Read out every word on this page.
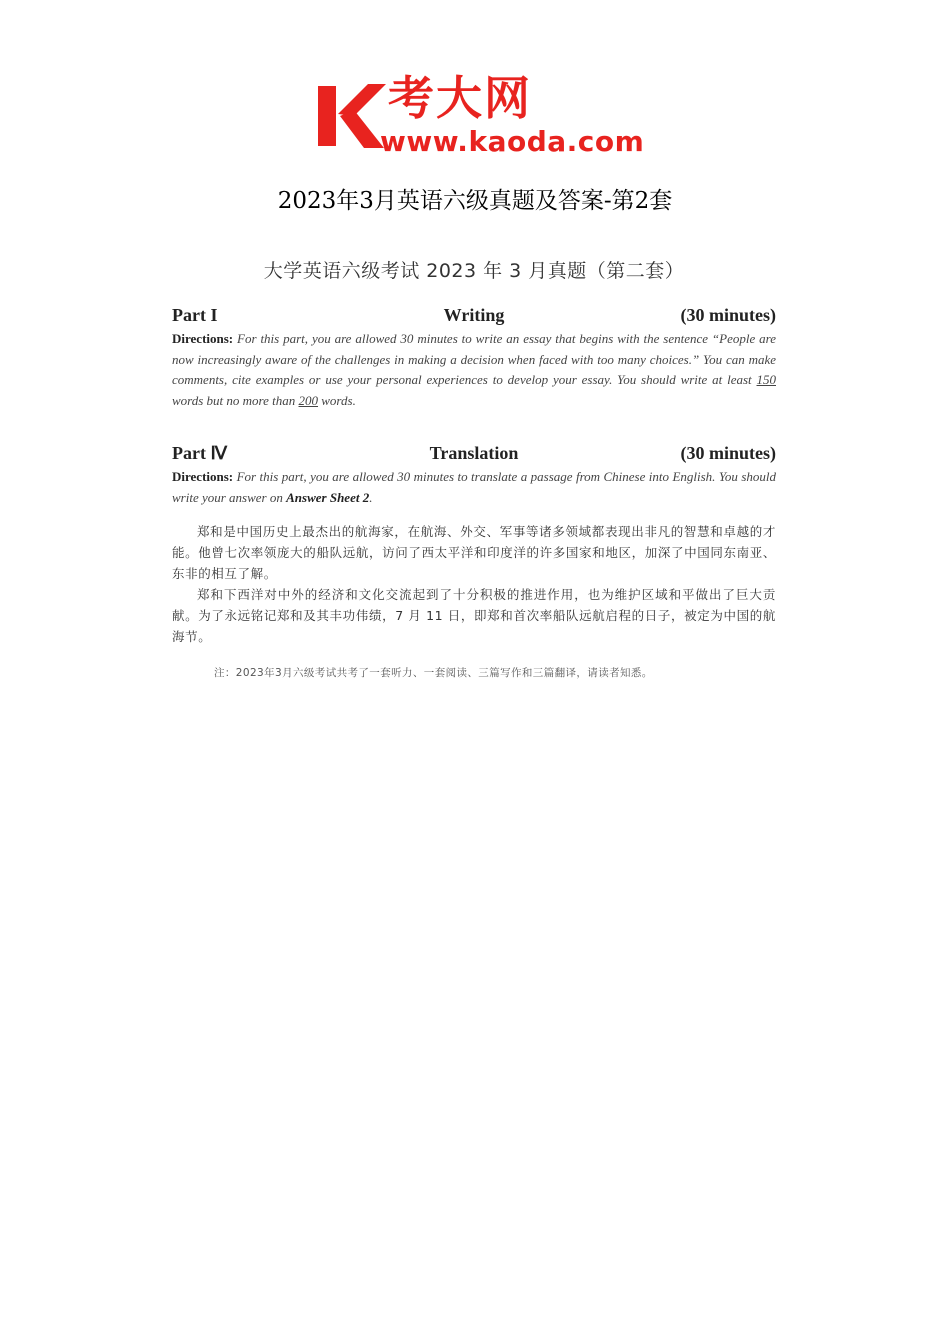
考大网
www.kaoda.com
2023年3月英语六级真题及答案-第2套
大学英语六级考试 2023 年 3 月真题（第二套）
Part I	Writing	(30 minutes)

Directions: For this part, you are allowed 30 minutes to write an essay that begins with the sentence “People are now increasingly aware of the challenges in making a decision when faced with too many choices.” You can make comments, cite examples or use your personal experiences to develop your essay. You should write at least 150 words but no more than 200 words.

Part Ⅳ	Translation	(30 minutes)

Directions: For this part, you are allowed 30 minutes to translate a passage from Chinese into English. You should write your answer on Answer Sheet 2.

郑和是中国历史上最杰出的航海家，在航海、外交、军事等诸多领域都表现出非凡的智慧和卓越的才能。他曾七次率领庞大的船队远航，访问了西太平洋和印度洋的许多国家和地区，加深了中国同东南亚、东非的相互了解。

郑和下西洋对中外的经济和文化交流起到了十分积极的推进作用，也为维护区域和平做出了巨大贡献。为了永远铭记郑和及其丰功伟绩，7 月 11 日，即郑和首次率船队远航启程的日子，被定为中国的航海节。

注：2023年3月六级考试共考了一套听力、一套阅读、三篇写作和三篇翻译，请读者知悉。
